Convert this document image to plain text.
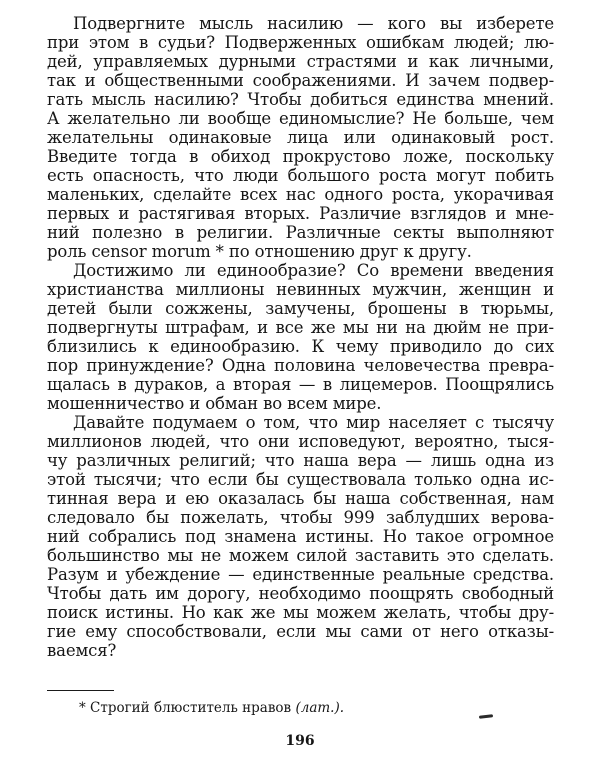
Подвергните мысль насилию — кого вы изберете
при этом в судьи? Подверженных ошибкам людей; лю-
дей, управляемых дурными страстями и как личными,
так и общественными соображениями. И зачем подвер-
гать мысль насилию? Чтобы добиться единства мнений.
А желательно ли вообще единомыслие? Не больше, чем
желательны одинаковые лица или одинаковый рост.
Введите тогда в обиход прокрустово ложе, поскольку
есть опасность, что люди большого роста могут побить
маленьких, сделайте всех нас одного роста, укорачивая
первых и растягивая вторых. Различие взглядов и мне-
ний полезно в религии. Различные секты выполняют
роль censor morum * по отношению друг к другу.
Достижимо ли единообразие? Со времени введения
христианства миллионы невинных мужчин, женщин и
детей были сожжены, замучены, брошены в тюрьмы,
подвергнуты штрафам, и все же мы ни на дюйм не при-
близились к единообразию. К чему приводило до сих
пор принуждение? Одна половина человечества превра-
щалась в дураков, а вторая — в лицемеров. Поощрялись
мошенничество и обман во всем мире.
Давайте подумаем о том, что мир населяет с тысячу
миллионов людей, что они исповедуют, вероятно, тыся-
чу различных религий; что наша вера — лишь одна из
этой тысячи; что если бы существовала только одна ис-
тинная вера и ею оказалась бы наша собственная, нам
следовало бы пожелать, чтобы 999 заблудших верова-
ний собрались под знамена истины. Но такое огромное
большинство мы не можем силой заставить это сделать.
Разум и убеждение — единственные реальные средства.
Чтобы дать им дорогу, необходимо поощрять свободный
поиск истины. Но как же мы можем желать, чтобы дру-
гие ему способствовали, если мы сами от него отказы-
ваемся?
* Строгий блюститель нравов (лат.).
196
